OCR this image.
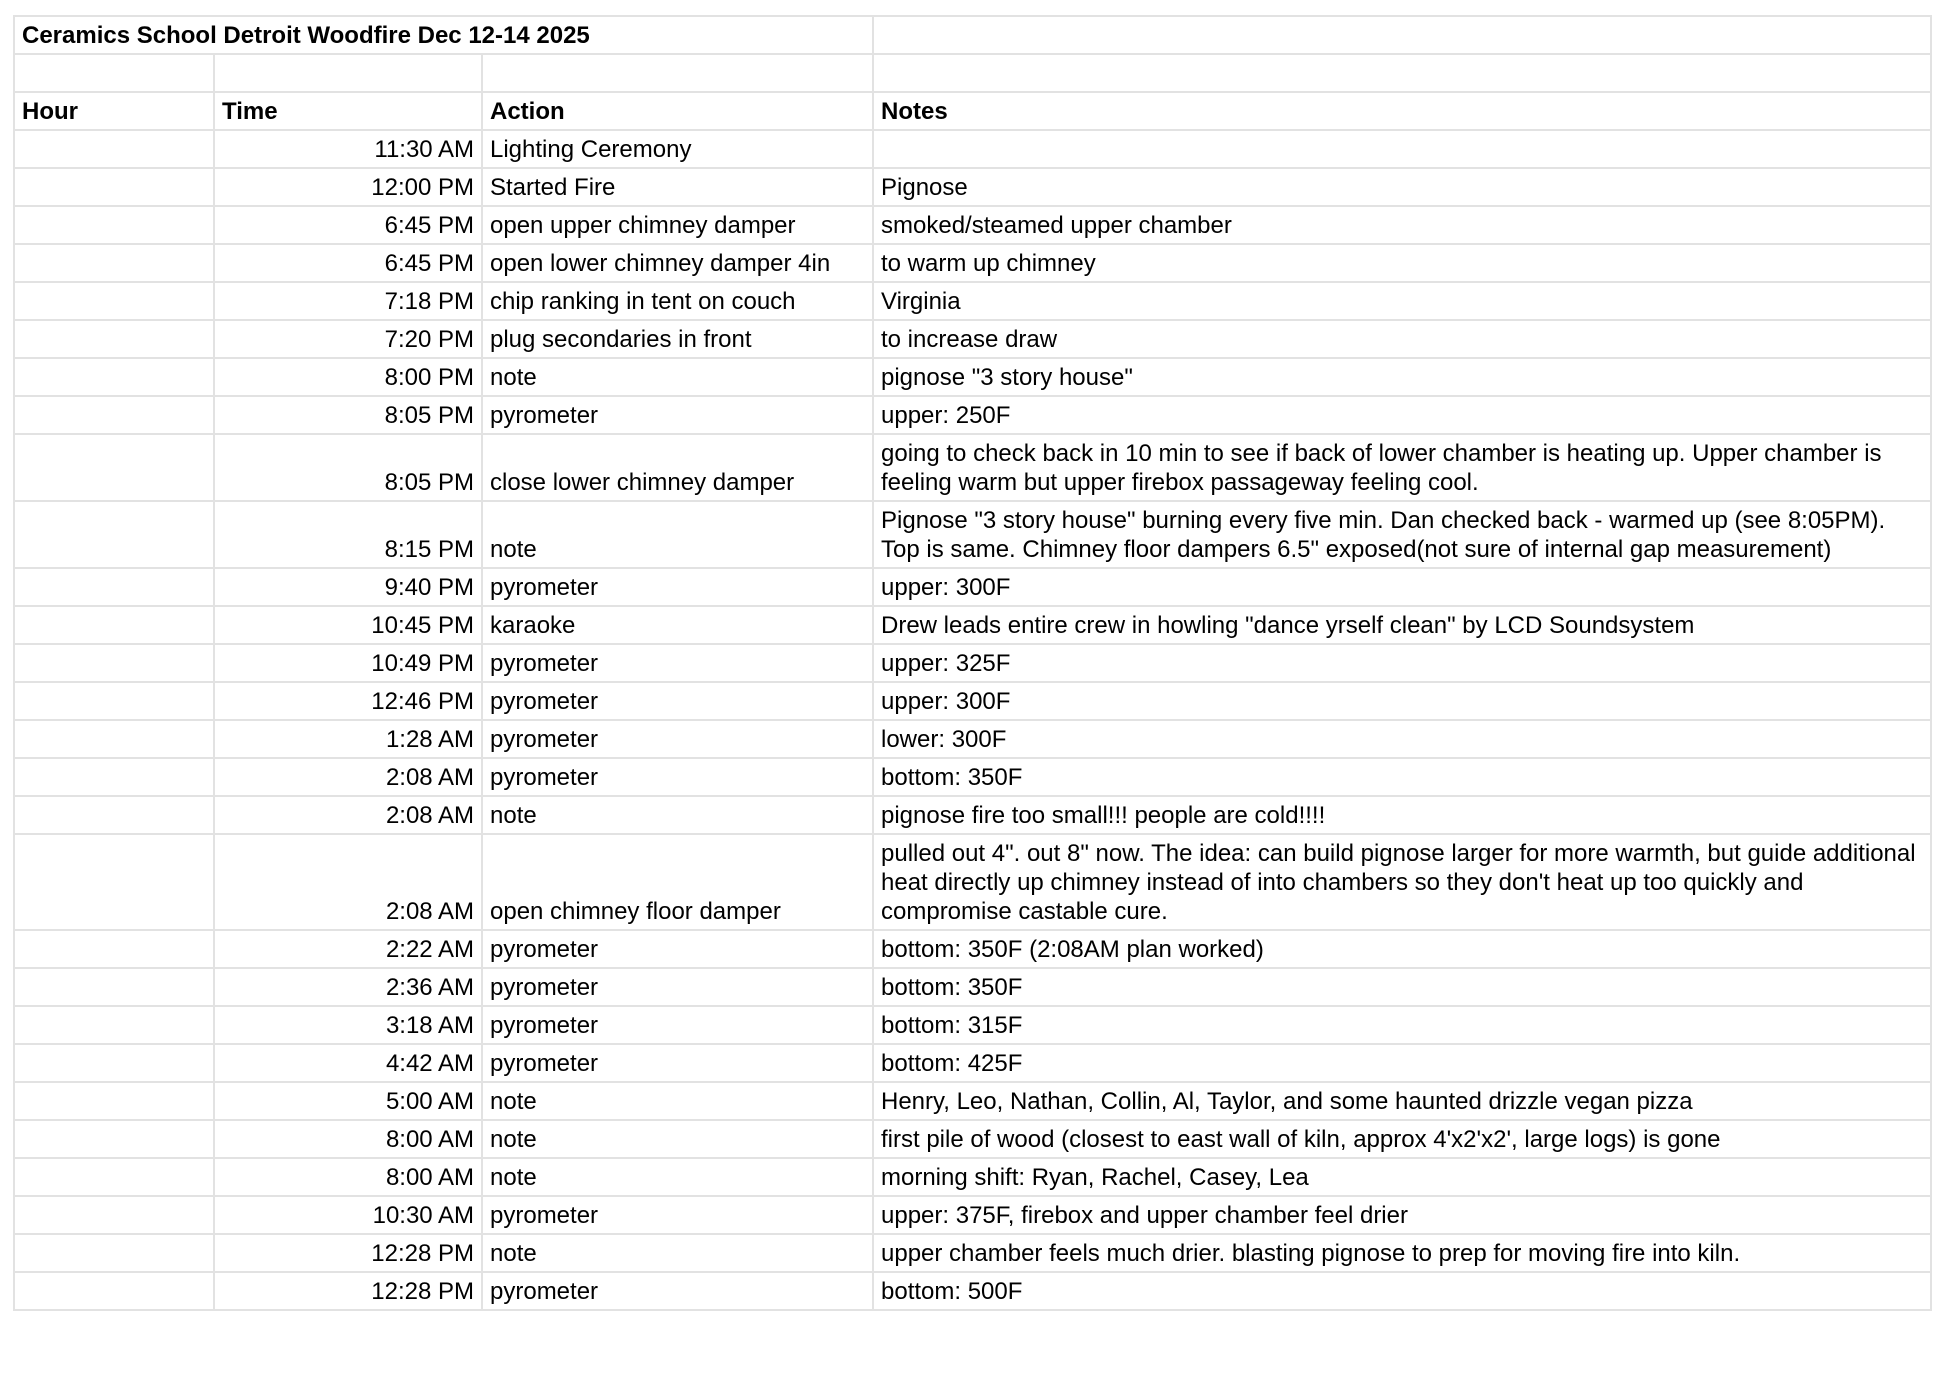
Ceramics School Detroit Woodfire Dec 12-14 2025			

Hour	Time	Action	Notes
	11:30 AM	Lighting Ceremony	
	12:00 PM	Started Fire	Pignose
	6:45 PM	open upper chimney damper	smoked/steamed upper chamber
	6:45 PM	open lower chimney damper 4in	to warm up chimney
	7:18 PM	chip ranking in tent on couch	Virginia
	7:20 PM	plug secondaries in front	to increase draw
	8:00 PM	note	pignose "3 story house"
	8:05 PM	pyrometer	upper: 250F
	8:05 PM	close lower chimney damper	going to check back in 10 min to see if back of lower chamber is heating up. Upper chamber is feeling warm but upper firebox passageway feeling cool.
	8:15 PM	note	Pignose "3 story house" burning every five min. Dan checked back - warmed up (see 8:05PM). Top is same. Chimney floor dampers 6.5" exposed(not sure of internal gap measurement)
	9:40 PM	pyrometer	upper: 300F
	10:45 PM	karaoke	Drew leads entire crew in howling "dance yrself clean" by LCD Soundsystem
	10:49 PM	pyrometer	upper: 325F
	12:46 PM	pyrometer	upper: 300F
	1:28 AM	pyrometer	lower: 300F
	2:08 AM	pyrometer	bottom: 350F
	2:08 AM	note	pignose fire too small!!! people are cold!!!!
	2:08 AM	open chimney floor damper	pulled out 4". out 8" now. The idea: can build pignose larger for more warmth, but guide additional heat directly up chimney instead of into chambers so they don't heat up too quickly and compromise castable cure.
	2:22 AM	pyrometer	bottom: 350F (2:08AM plan worked)
	2:36 AM	pyrometer	bottom: 350F
	3:18 AM	pyrometer	bottom: 315F
	4:42 AM	pyrometer	bottom: 425F
	5:00 AM	note	Henry, Leo, Nathan, Collin, Al, Taylor, and some haunted drizzle vegan pizza
	8:00 AM	note	first pile of wood (closest to east wall of kiln, approx 4'x2'x2', large logs) is gone
	8:00 AM	note	morning shift: Ryan, Rachel, Casey, Lea
	10:30 AM	pyrometer	upper: 375F, firebox and upper chamber feel drier
	12:28 PM	note	upper chamber feels much drier. blasting pignose to prep for moving fire into kiln.
	12:28 PM	pyrometer	bottom: 500F
